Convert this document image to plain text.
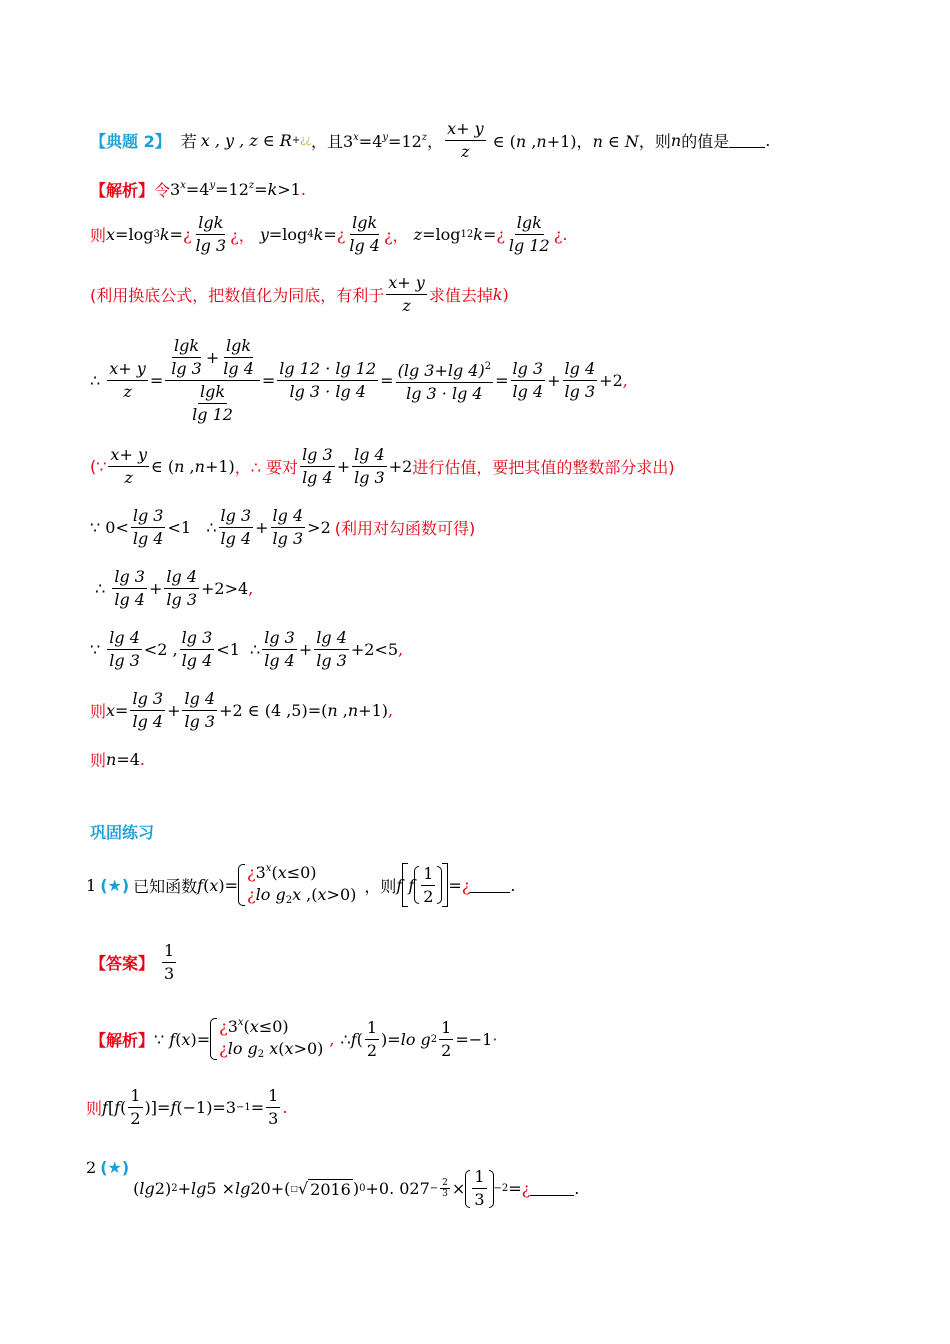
【典题 2】 若 x , y , z ∈ R +¿¿ ，且 $3^x=4^y=12^z$， $\frac{x+ y}{z}$ ∈ (n ,n+1)，n ∈ N ，则 n 的值是 .
【解析】 令 $3^x=4^y=12^z=k>1$.
则 x =log 3 k = ¿ $\frac{\lg k}{\lg 3}$ ¿，
y =log 4 k = ¿ $\frac{\lg k}{\lg 4}$ ¿，
z =log 12 k = ¿ $\frac{\lg k}{\lg 12}$ ¿.
(利用换底公式，把数值化为同底，有利于 $\frac{x+ y}{z}$ 求值去掉 k )
∴ $\frac{x+ y}{z} = \frac{\frac{\lg k}{\lg 3} + \frac{\lg k}{\lg 4}}{\frac{\lg k}{\lg 12}} = \frac{\lg 12 \cdot \lg 12}{\lg 3 \cdot \lg 4} = \frac{(\lg 3+\lg 4)^2}{\lg 3 \cdot \lg 4} = \frac{\lg 3}{\lg 4} + \frac{\lg 4}{\lg 3} +2$ ,
(∵ $\frac{x+ y}{z}$ ∈ (n ,n+1) ，∴ 要对 $\frac{\lg 3}{\lg 4} + \frac{\lg 4}{\lg 3} +2$ 进行估值，要把其值的整数部分求出)
∵ $0< \frac{\lg 3}{\lg 4} <1$   ∴ $\frac{\lg 3}{\lg 4} + \frac{\lg 4}{\lg 3} >2$ (利用对勾函数可得)
∴ $\frac{\lg 3}{\lg 4} + \frac{\lg 4}{\lg 3} +2>4$ ,
∵ $\frac{\lg 4}{\lg 3} <2$ , $\frac{\lg 3}{\lg 4} <1$  ∴ $\frac{\lg 3}{\lg 4} + \frac{\lg 4}{\lg 3} +2<5$ ,
则 $x = \frac{\lg 3}{\lg 4} + \frac{\lg 4}{\lg 3} +2$ ∈ (4 ,5)=(n ,n+1) ,
则 n =4 .
巩固练习
1 (★) 已知函数 f ( x )=
¿$3^x(x\le 0)$
¿lo $g_2x$ ,(x>0) ，则 f f $\frac{1}{2}$ = ¿	.
【答案】 $\frac{1}{3}$
【解析】 ∵ f(x)=
¿$3^x(x\le 0)$
¿lo $g_2$ x(x>0) , ∴ f ( $\frac{1}{2}$ )= lo g $2 \frac{1}{2} =-1$ ·
则 f [ f ( $\frac{1}{2}$ )]= f $(-1)=3 -1 = \frac{1}{3}$ .
2 (★)
( lg 2) 2 + lg 5 × lg 20+( □ √ 2016 ) 0 +0. $027 - \frac{2}{3} \times \frac{1}{3} -2$ = ¿	.
